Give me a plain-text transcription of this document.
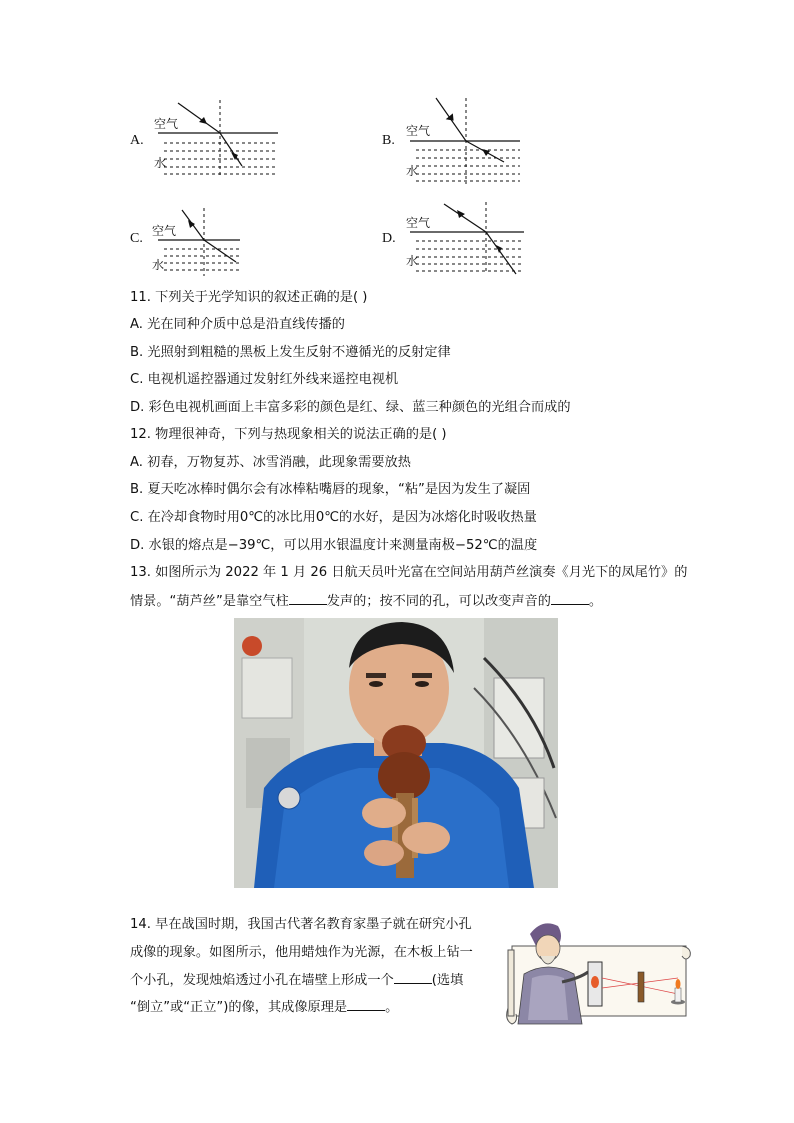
A.
空气
水
B.
空气
水
C. 空气
水
D.
空气
水
11. 下列关于光学知识的叙述正确的是( )
A. 光在同种介质中总是沿直线传播的
B. 光照射到粗糙的黑板上发生反射不遵循光的反射定律
C. 电视机遥控器通过发射红外线来遥控电视机
D. 彩色电视机画面上丰富多彩的颜色是红、绿、蓝三种颜色的光组合而成的
12. 物理很神奇，下列与热现象相关的说法正确的是( )
A. 初春，万物复苏、冰雪消融，此现象需要放热
B. 夏天吃冰棒时偶尔会有冰棒粘嘴唇的现象，“粘”是因为发生了凝固
C. 在冷却食物时用0℃的冰比用0℃的水好，是因为冰熔化时吸收热量
D. 水银的熔点是−39℃，可以用水银温度计来测量南极−52℃的温度
13. 如图所示为 2022 年 1 月 26 日航天员叶光富在空间站用葫芦丝演奏《月光下的凤尾竹》的
情景。“葫芦丝”是靠空气柱	发声的；按不同的孔，可以改变声音的	。
14. 早在战国时期，我国古代著名教育家墨子就在研究小孔
成像的现象。如图所示，他用蜡烛作为光源，在木板上钻一
个小孔，发现烛焰透过小孔在墙壁上形成一个	(选填
“倒立”或“正立”)的像，其成像原理是	。
